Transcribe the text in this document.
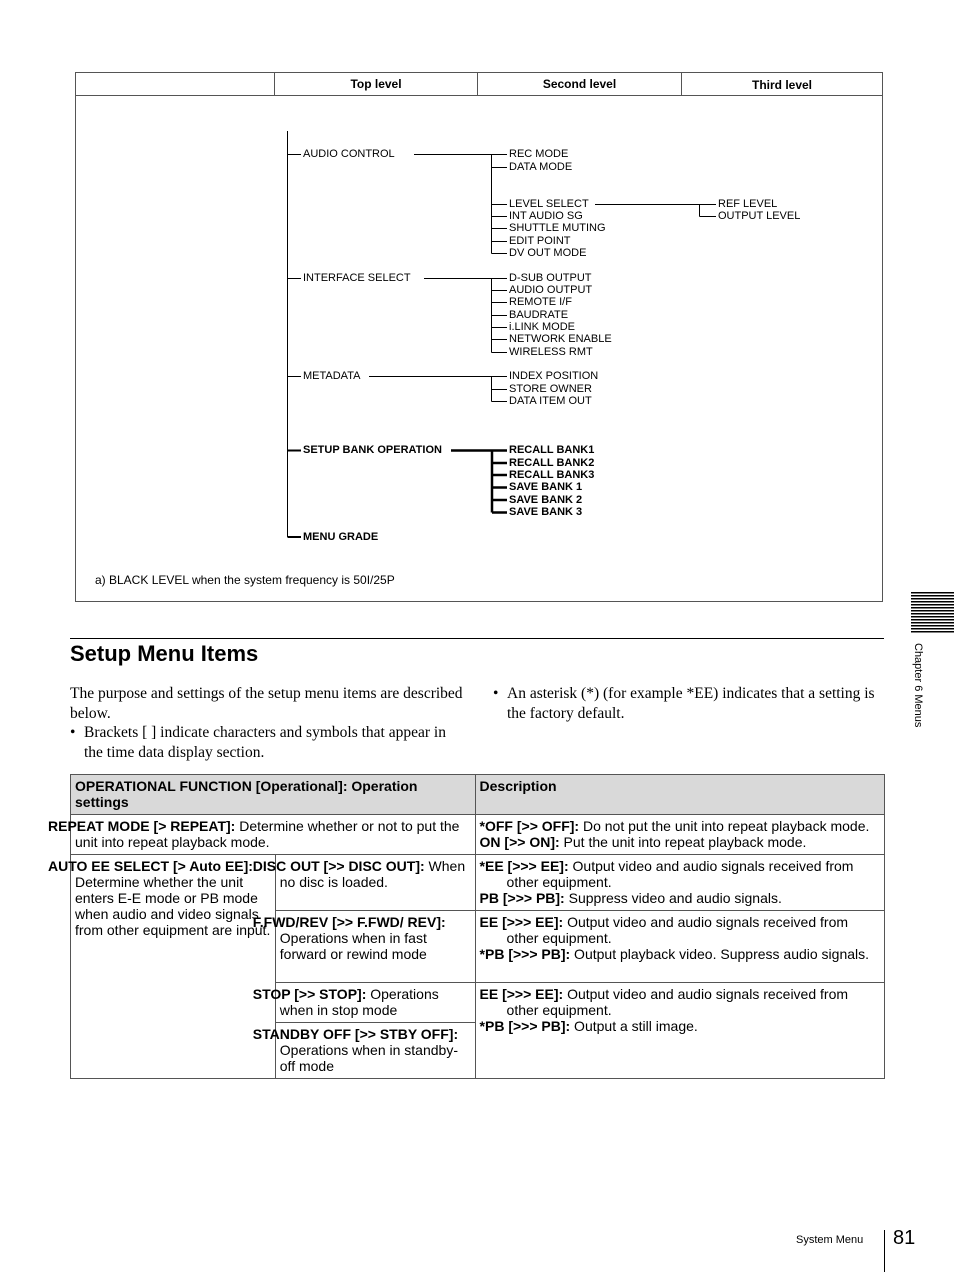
Top level	Second level	Third level
AUDIO CONTROL
INTERFACE SELECT
METADATA
SETUP BANK OPERATION
MENU GRADE
REC MODE
DATA MODE
LEVEL SELECT
INT AUDIO SG
SHUTTLE MUTING
EDIT POINT
DV OUT MODE
REF LEVEL
OUTPUT LEVEL
D-SUB OUTPUT
AUDIO OUTPUT
REMOTE I/F
BAUDRATE
i.LINK MODE
NETWORK ENABLE
WIRELESS RMT
INDEX POSITION
STORE OWNER
DATA ITEM OUT
RECALL BANK1
RECALL BANK2
RECALL BANK3
SAVE BANK 1
SAVE BANK 2
SAVE BANK 3
a) BLACK LEVEL when the system frequency is 50I/25P
Chapter 6 Menus
Setup Menu Items
The purpose and settings of the setup menu items are described below.
• Brackets [ ] indicate characters and symbols that appear in the time data display section.
• An asterisk (*) (for example *EE) indicates that a setting is the factory default.
OPERATIONAL FUNCTION [Operational]: Operation settings		Description
REPEAT MODE [> REPEAT]: Determine whether or not to put the unit into repeat playback mode.		*OFF [>> OFF]: Do not put the unit into repeat playback mode.
ON [>> ON]: Put the unit into repeat playback mode.

AUTO EE SELECT [> Auto EE]: Determine whether the unit enters E-E mode or PB mode when audio and video signals from other equipment are input.	DISC OUT [>> DISC OUT]: When no disc is loaded.	*EE [>>> EE]: Output video and audio signals received from other equipment.
PB [>>> PB]: Suppress video and audio signals.

	F.FWD/REV [>> F.FWD/ REV]: Operations when in fast forward or rewind mode	EE [>>> EE]: Output video and audio signals received from other equipment.
*PB [>>> PB]: Output playback video. Suppress audio signals.

	STOP [>> STOP]: Operations when in stop mode	EE [>>> EE]: Output video and audio signals received from other equipment.
*PB [>>> PB]: Output a still image.

	STANDBY OFF [>> STBY OFF]: Operations when in standby-off mode	
System Menu 81
